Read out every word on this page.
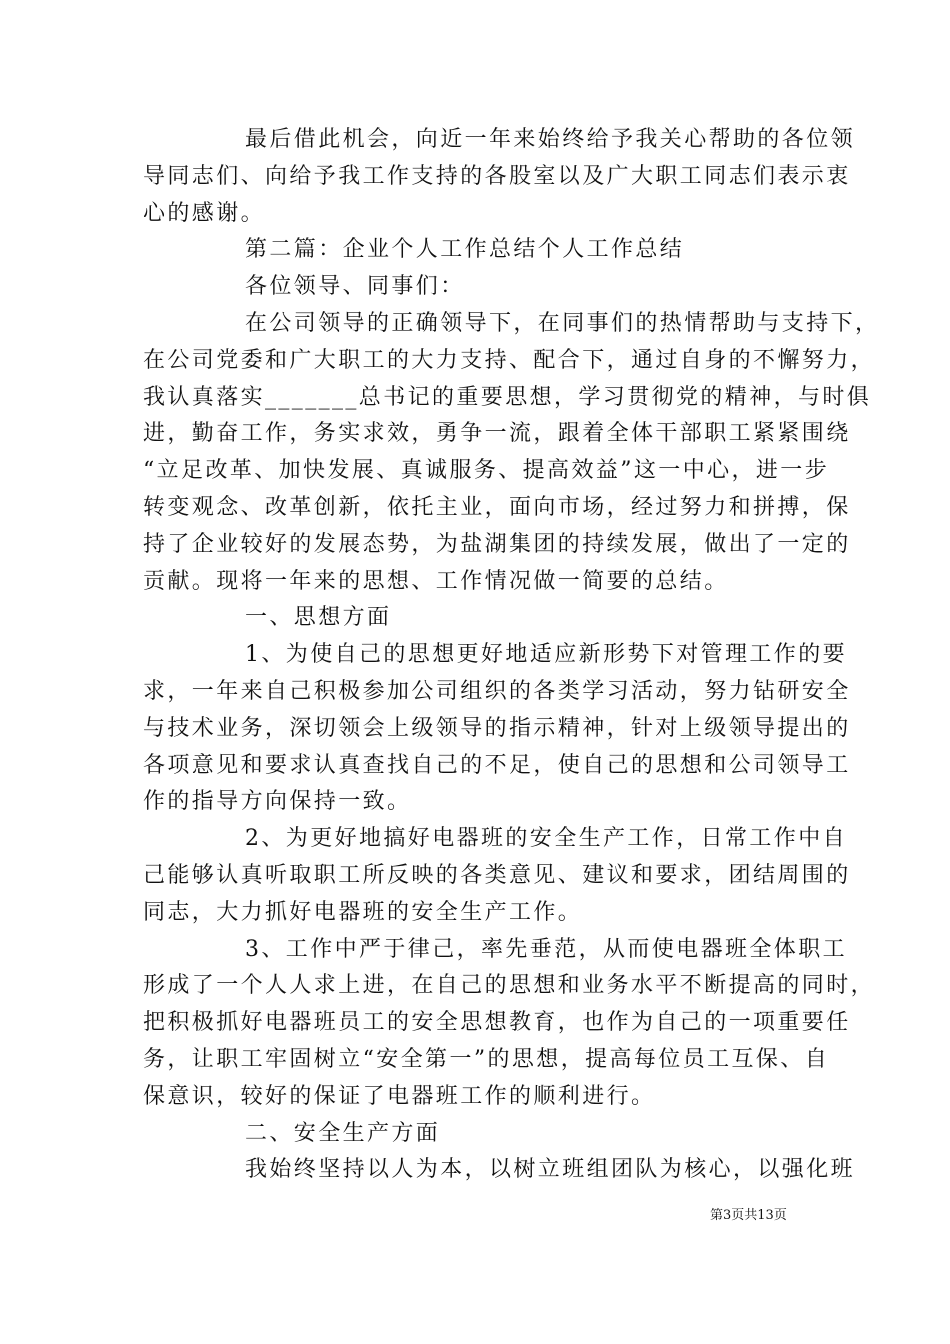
最后借此机会，向近一年来始终给予我关心帮助的各位领
导同志们、向给予我工作支持的各股室以及广大职工同志们表示衷
心的感谢。
第二篇：企业个人工作总结个人工作总结
各位领导、同事们：
在公司领导的正确领导下，在同事们的热情帮助与支持下，
在公司党委和广大职工的大力支持、配合下，通过自身的不懈努力，
我认真落实_______总书记的重要思想，学习贯彻党的精神，与时俱
进，勤奋工作，务实求效，勇争一流，跟着全体干部职工紧紧围绕
“立足改革、加快发展、真诚服务、提高效益”这一中心，进一步
转变观念、改革创新，依托主业，面向市场，经过努力和拼搏，保
持了企业较好的发展态势，为盐湖集团的持续发展，做出了一定的
贡献。现将一年来的思想、工作情况做一简要的总结。
一、思想方面
1、为使自己的思想更好地适应新形势下对管理工作的要
求，一年来自己积极参加公司组织的各类学习活动，努力钻研安全
与技术业务，深切领会上级领导的指示精神，针对上级领导提出的
各项意见和要求认真查找自己的不足，使自己的思想和公司领导工
作的指导方向保持一致。
2、为更好地搞好电器班的安全生产工作，日常工作中自
己能够认真听取职工所反映的各类意见、建议和要求，团结周围的
同志，大力抓好电器班的安全生产工作。
3、工作中严于律己，率先垂范，从而使电器班全体职工
形成了一个人人求上进，在自己的思想和业务水平不断提高的同时，
把积极抓好电器班员工的安全思想教育，也作为自己的一项重要任
务，让职工牢固树立“安全第一”的思想，提高每位员工互保、自
保意识，较好的保证了电器班工作的顺利进行。
二、安全生产方面
我始终坚持以人为本，以树立班组团队为核心，以强化班
第3页共13页
